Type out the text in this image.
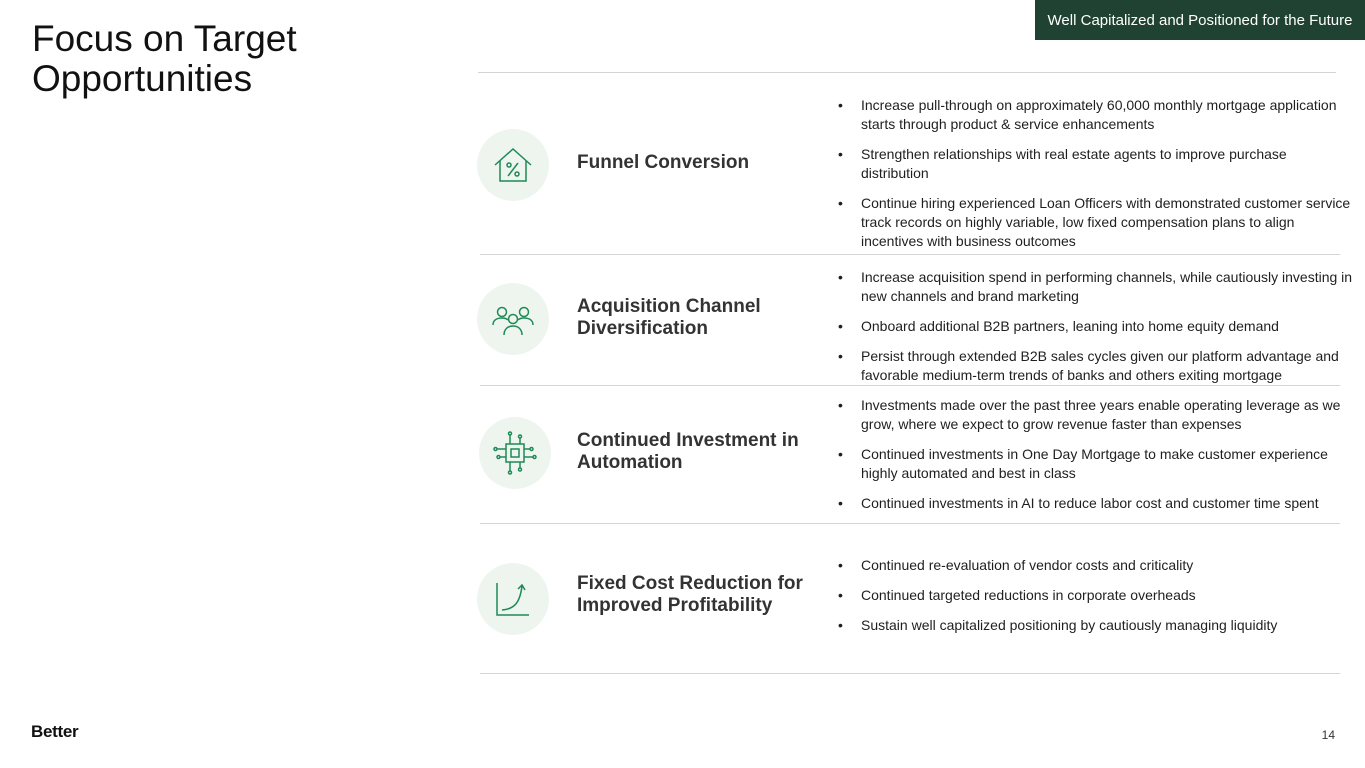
Well Capitalized and Positioned for the Future
Focus on Target Opportunities
Funnel Conversion
• Increase pull-through on approximately 60,000 monthly mortgage application starts through product & service enhancements
• Strengthen relationships with real estate agents to improve purchase distribution
• Continue hiring experienced Loan Officers with demonstrated customer service track records on highly variable, low fixed compensation plans to align incentives with business outcomes
Acquisition Channel Diversification
• Increase acquisition spend in performing channels, while cautiously investing in new channels and brand marketing
• Onboard additional B2B partners, leaning into home equity demand
• Persist through extended B2B sales cycles given our platform advantage and favorable medium-term trends of banks and others exiting mortgage
Continued Investment in Automation
• Investments made over the past three years enable operating leverage as we grow, where we expect to grow revenue faster than expenses
• Continued investments in One Day Mortgage to make customer experience highly automated and best in class
• Continued investments in AI to reduce labor cost and customer time spent
Fixed Cost Reduction for Improved Profitability
• Continued re-evaluation of vendor costs and criticality
• Continued targeted reductions in corporate overheads
• Sustain well capitalized positioning by cautiously managing liquidity
Better	14
